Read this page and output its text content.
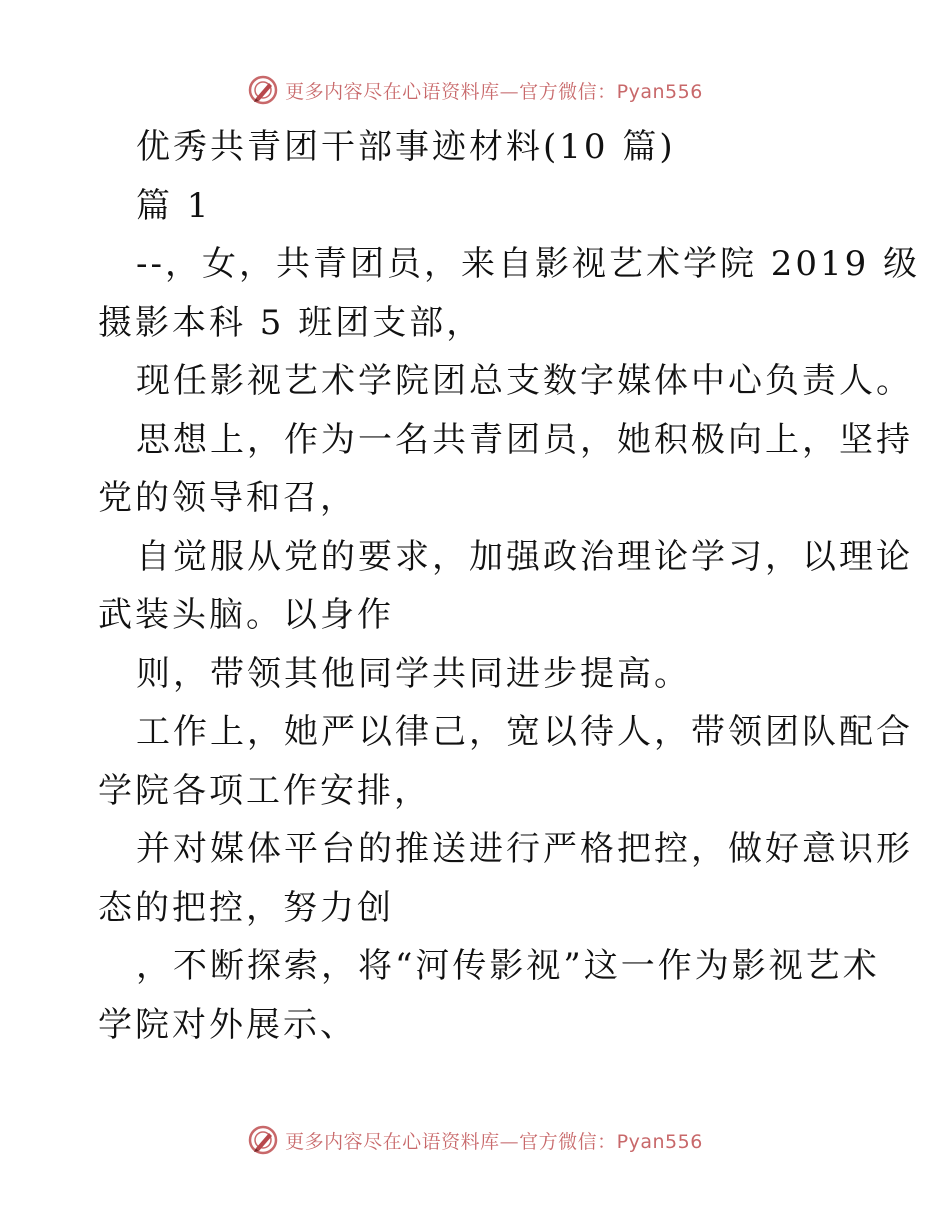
更多内容尽在心语资料库—官方微信：Pyan556
优秀共青团干部事迹材料(10 篇)
篇 1
--，女，共青团员，来自影视艺术学院 2019 级
摄影本科 5 班团支部，
现任影视艺术学院团总支数字媒体中心负责人。
思想上，作为一名共青团员，她积极向上，坚持
党的领导和召，
自觉服从党的要求，加强政治理论学习，以理论
武装头脑。以身作
则，带领其他同学共同进步提高。
工作上，她严以律己，宽以待人，带领团队配合
学院各项工作安排，
并对媒体平台的推送进行严格把控，做好意识形
态的把控，努力创
，不断探索，将“河传影视”这一作为影视艺术
学院对外展示、
更多内容尽在心语资料库—官方微信：Pyan556
